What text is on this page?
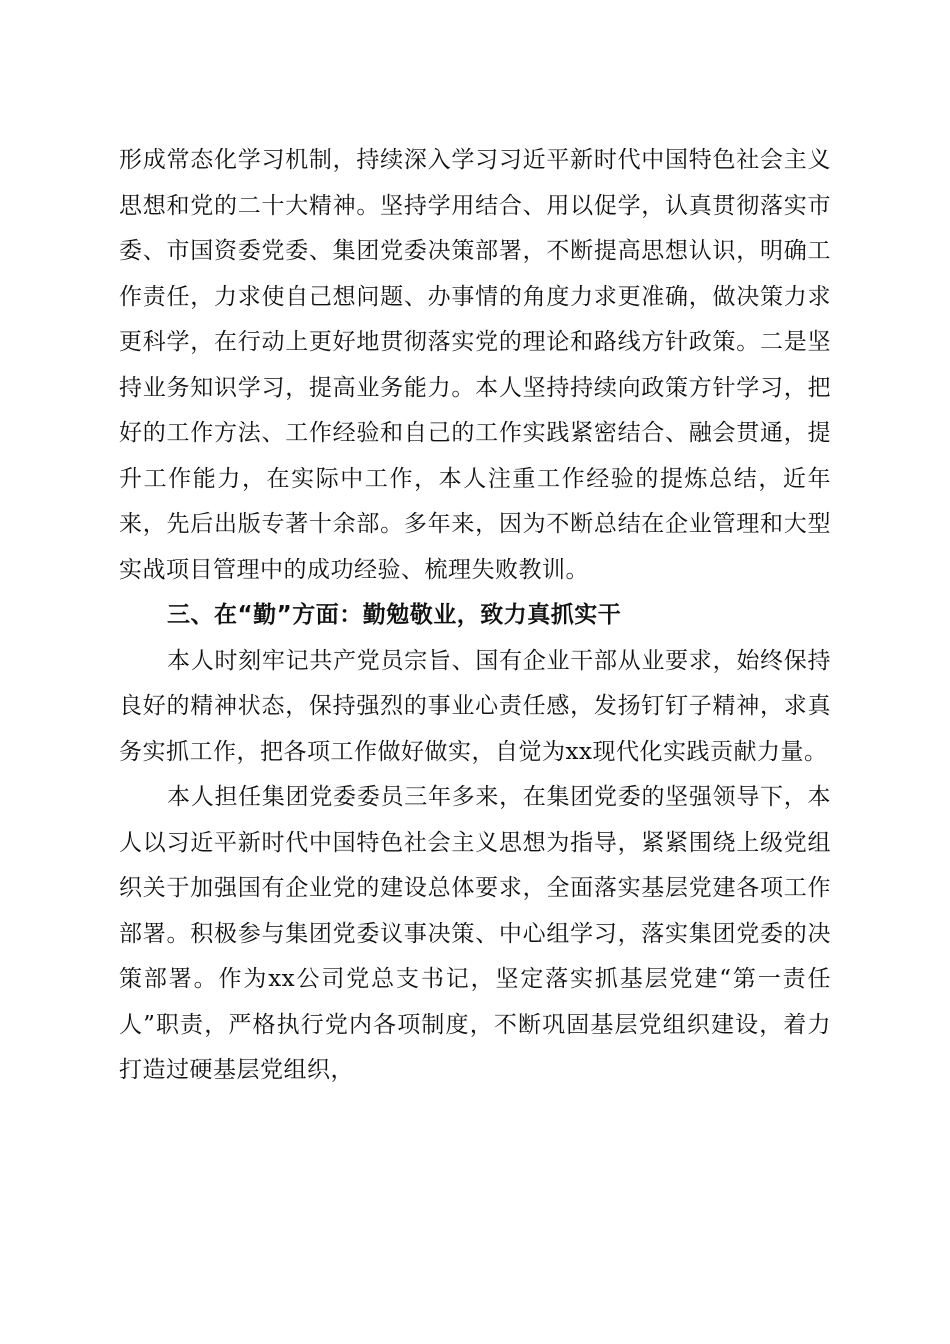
形成常态化学习机制，持续深入学习习近平新时代中国特色社会主义思想和党的二十大精神。坚持学用结合、用以促学，认真贯彻落实市委、市国资委党委、集团党委决策部署，不断提高思想认识，明确工作责任，力求使自己想问题、办事情的角度力求更准确，做决策力求更科学，在行动上更好地贯彻落实党的理论和路线方针政策。二是坚持业务知识学习，提高业务能力。本人坚持持续向政策方针学习，把好的工作方法、工作经验和自己的工作实践紧密结合、融会贯通，提升工作能力，在实际中工作，本人注重工作经验的提炼总结，近年来，先后出版专著十余部。多年来，因为不断总结在企业管理和大型实战项目管理中的成功经验、梳理失败教训。

三、在“勤”方面：勤勉敬业，致力真抓实干

本人时刻牢记共产党员宗旨、国有企业干部从业要求，始终保持良好的精神状态，保持强烈的事业心责任感，发扬钉钉子精神，求真务实抓工作，把各项工作做好做实，自觉为xx现代化实践贡献力量。

本人担任集团党委委员三年多来，在集团党委的坚强领导下，本人以习近平新时代中国特色社会主义思想为指导，紧紧围绕上级党组织关于加强国有企业党的建设总体要求，全面落实基层党建各项工作部署。积极参与集团党委议事决策、中心组学习，落实集团党委的决策部署。作为xx公司党总支书记，坚定落实抓基层党建“第一责任人”职责，严格执行党内各项制度，不断巩固基层党组织建设，着力打造过硬基层党组织，
